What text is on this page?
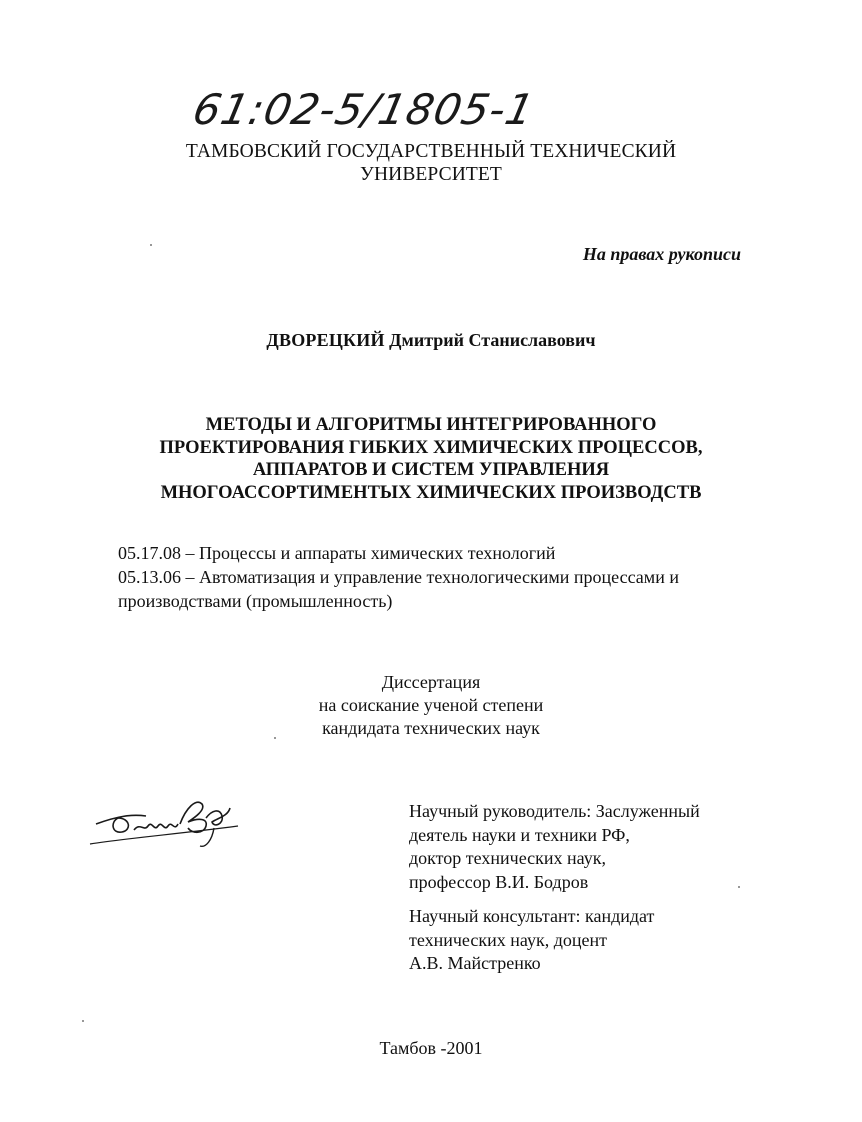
61:02-5/1805-1
ТАМБОВСКИЙ ГОСУДАРСТВЕННЫЙ ТЕХНИЧЕСКИЙ
УНИВЕРСИТЕТ
На правах рукописи
ДВОРЕЦКИЙ Дмитрий Станиславович
МЕТОДЫ И АЛГОРИТМЫ ИНТЕГРИРОВАННОГО
ПРОЕКТИРОВАНИЯ ГИБКИХ ХИМИЧЕСКИХ ПРОЦЕССОВ,
АППАРАТОВ И СИСТЕМ УПРАВЛЕНИЯ
МНОГОАССОРТИМЕНТЫХ ХИМИЧЕСКИХ ПРОИЗВОДСТВ
05.17.08 – Процессы и аппараты химических технологий
05.13.06 – Автоматизация и управление технологическими процессами и производствами (промышленность)
Диссертация
на соискание ученой степени
кандидата технических наук
Научный руководитель: Заслуженный
деятель науки и техники РФ,
доктор технических наук,
профессор В.И. Бодров
Научный консультант: кандидат
технических наук, доцент
А.В. Майстренко
Тамбов -2001
